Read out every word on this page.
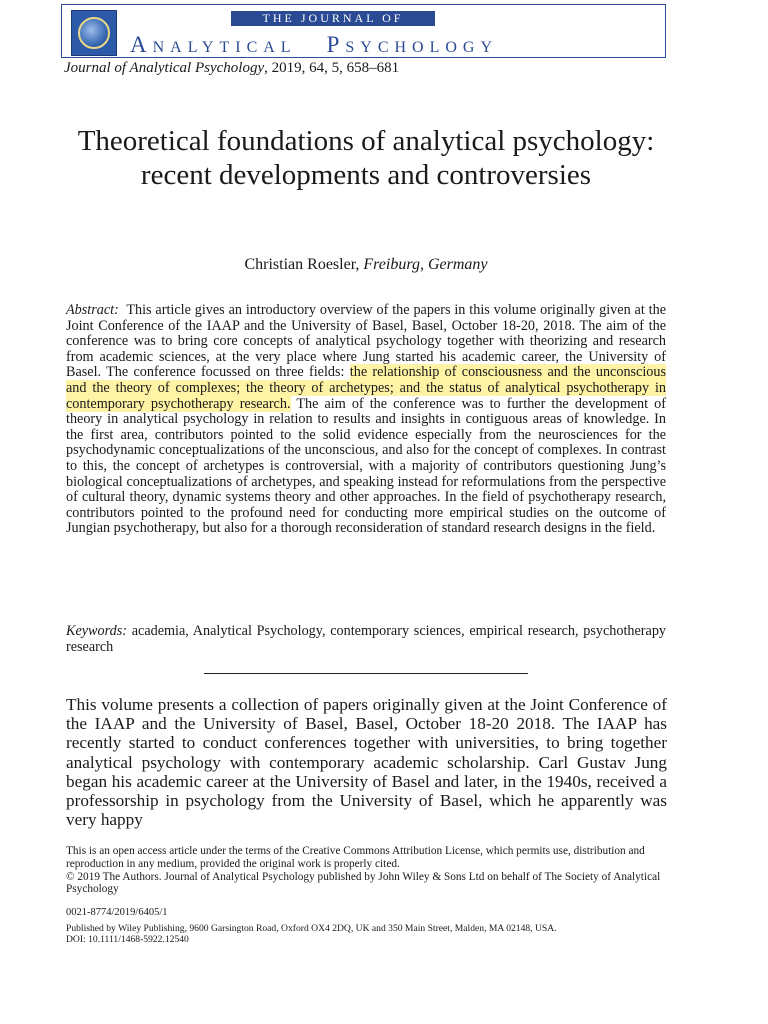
THE JOURNAL OF
ANALYTICAL PSYCHOLOGY
Journal of Analytical Psychology, 2019, 64, 5, 658–681
Theoretical foundations of analytical psychology: recent developments and controversies
Christian Roesler, Freiburg, Germany

Abstract: This article gives an introductory overview of the papers in this volume originally given at the Joint Conference of the IAAP and the University of Basel, Basel, October 18-20, 2018. The aim of the conference was to bring core concepts of analytical psychology together with theorizing and research from academic sciences, at the very place where Jung started his academic career, the University of Basel. The conference focussed on three fields: the relationship of consciousness and the unconscious and the theory of complexes; the theory of archetypes; and the status of analytical psychotherapy in contemporary psychotherapy research. The aim of the conference was to further the development of theory in analytical psychology in relation to results and insights in contiguous areas of knowledge. In the first area, contributors pointed to the solid evidence especially from the neurosciences for the psychodynamic conceptualizations of the unconscious, and also for the concept of complexes. In contrast to this, the concept of archetypes is controversial, with a majority of contributors questioning Jung’s biological conceptualizations of archetypes, and speaking instead for reformulations from the perspective of cultural theory, dynamic systems theory and other approaches. In the field of psychotherapy research, contributors pointed to the profound need for conducting more empirical studies on the outcome of Jungian psychotherapy, but also for a thorough reconsideration of standard research designs in the field.

Keywords: academia, Analytical Psychology, contemporary sciences, empirical research, psychotherapy research

This volume presents a collection of papers originally given at the Joint Conference of the IAAP and the University of Basel, Basel, October 18-20 2018. The IAAP has recently started to conduct conferences together with universities, to bring together analytical psychology with contemporary academic scholarship. Carl Gustav Jung began his academic career at the University of Basel and later, in the 1940s, received a professorship in psychology from the University of Basel, which he apparently was very happy

This is an open access article under the terms of the Creative Commons Attribution License, which permits use, distribution and reproduction in any medium, provided the original work is properly cited.
© 2019 The Authors. Journal of Analytical Psychology published by John Wiley & Sons Ltd on behalf of The Society of Analytical Psychology

0021-8774/2019/6405/1
Published by Wiley Publishing, 9600 Garsington Road, Oxford OX4 2DQ, UK and 350 Main Street, Malden, MA 02148, USA.
DOI: 10.1111/1468-5922.12540
